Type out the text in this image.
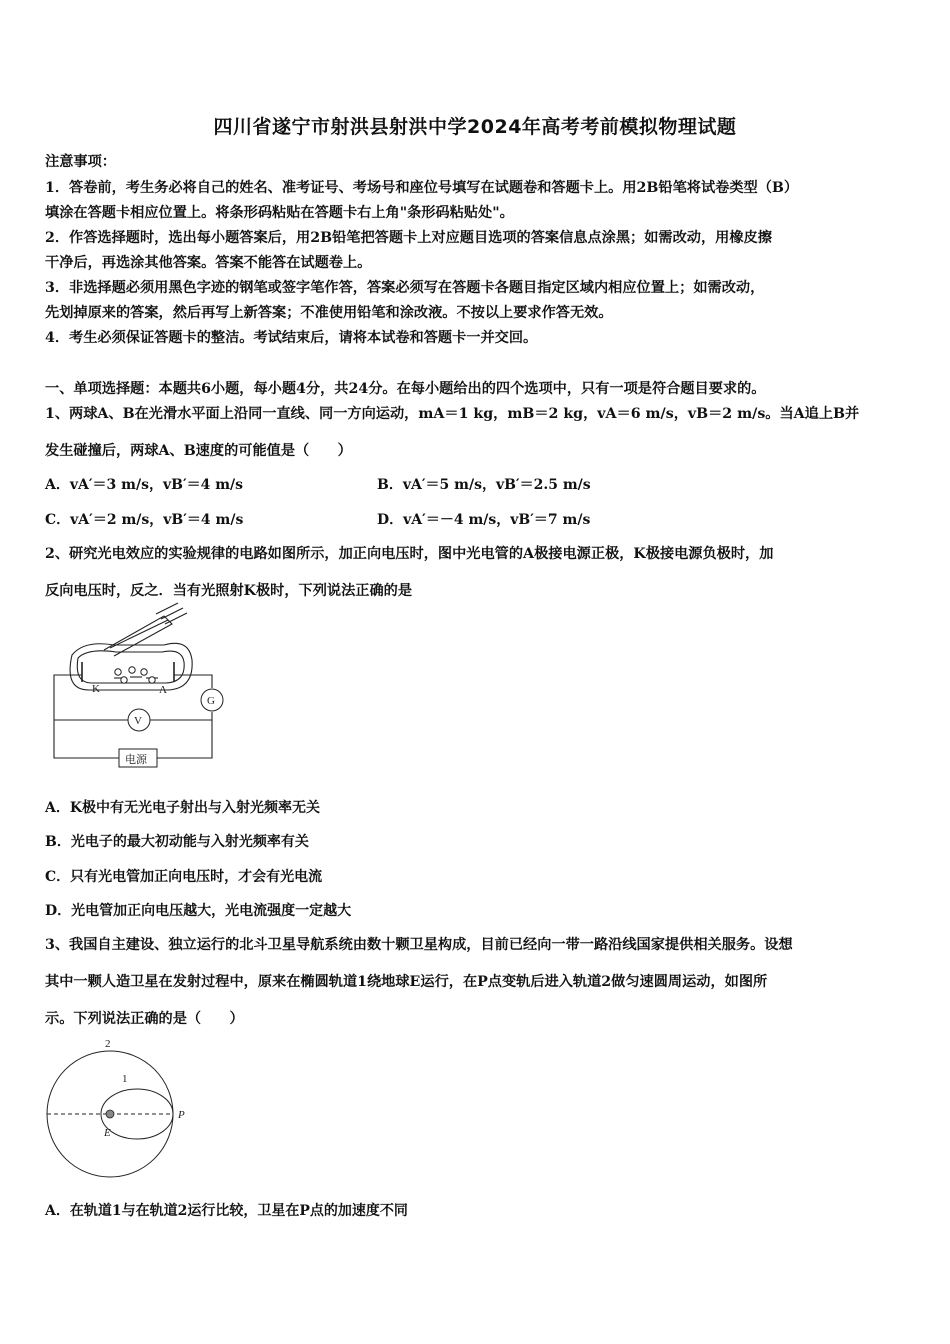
四川省遂宁市射洪县射洪中学2024年高考考前模拟物理试题
注意事项：
1．答卷前，考生务必将自己的姓名、准考证号、考场号和座位号填写在试题卷和答题卡上。用2B铅笔将试卷类型（B）
填涂在答题卡相应位置上。将条形码粘贴在答题卡右上角"条形码粘贴处"。
2．作答选择题时，选出每小题答案后，用2B铅笔把答题卡上对应题目选项的答案信息点涂黑；如需改动，用橡皮擦
干净后，再选涂其他答案。答案不能答在试题卷上。
3．非选择题必须用黑色字迹的钢笔或签字笔作答，答案必须写在答题卡各题目指定区域内相应位置上；如需改动，
先划掉原来的答案，然后再写上新答案；不准使用铅笔和涂改液。不按以上要求作答无效。
4．考生必须保证答题卡的整洁。考试结束后，请将本试卷和答题卡一并交回。
一、单项选择题：本题共6小题，每小题4分，共24分。在每小题给出的四个选项中，只有一项是符合题目要求的。
1、两球A、B在光滑水平面上沿同一直线、同一方向运动，mA＝1 kg，mB＝2 kg，vA＝6 m/s，vB＝2 m/s。当A追上B并
发生碰撞后，两球A、B速度的可能值是（　　）
A．vA′＝3 m/s，vB′＝4 m/s	B．vA′＝5 m/s，vB′＝2.5 m/s
C．vA′＝2 m/s，vB′＝4 m/s	D．vA′＝－4 m/s，vB′＝7 m/s
2、研究光电效应的实验规律的电路如图所示，加正向电压时，图中光电管的A极接电源正极，K极接电源负极时，加
反向电压时，反之．当有光照射K极时，下列说法正确的是
K	A
G
V
电源
A．K极中有无光电子射出与入射光频率无关
B．光电子的最大初动能与入射光频率有关
C．只有光电管加正向电压时，才会有光电流
D．光电管加正向电压越大，光电流强度一定越大
3、我国自主建设、独立运行的北斗卫星导航系统由数十颗卫星构成，目前已经向一带一路沿线国家提供相关服务。设想
其中一颗人造卫星在发射过程中，原来在椭圆轨道1绕地球E运行，在P点变轨后进入轨道2做匀速圆周运动，如图所
示。下列说法正确的是（　　）
2
1
E
P
A．在轨道1与在轨道2运行比较，卫星在P点的加速度不同
